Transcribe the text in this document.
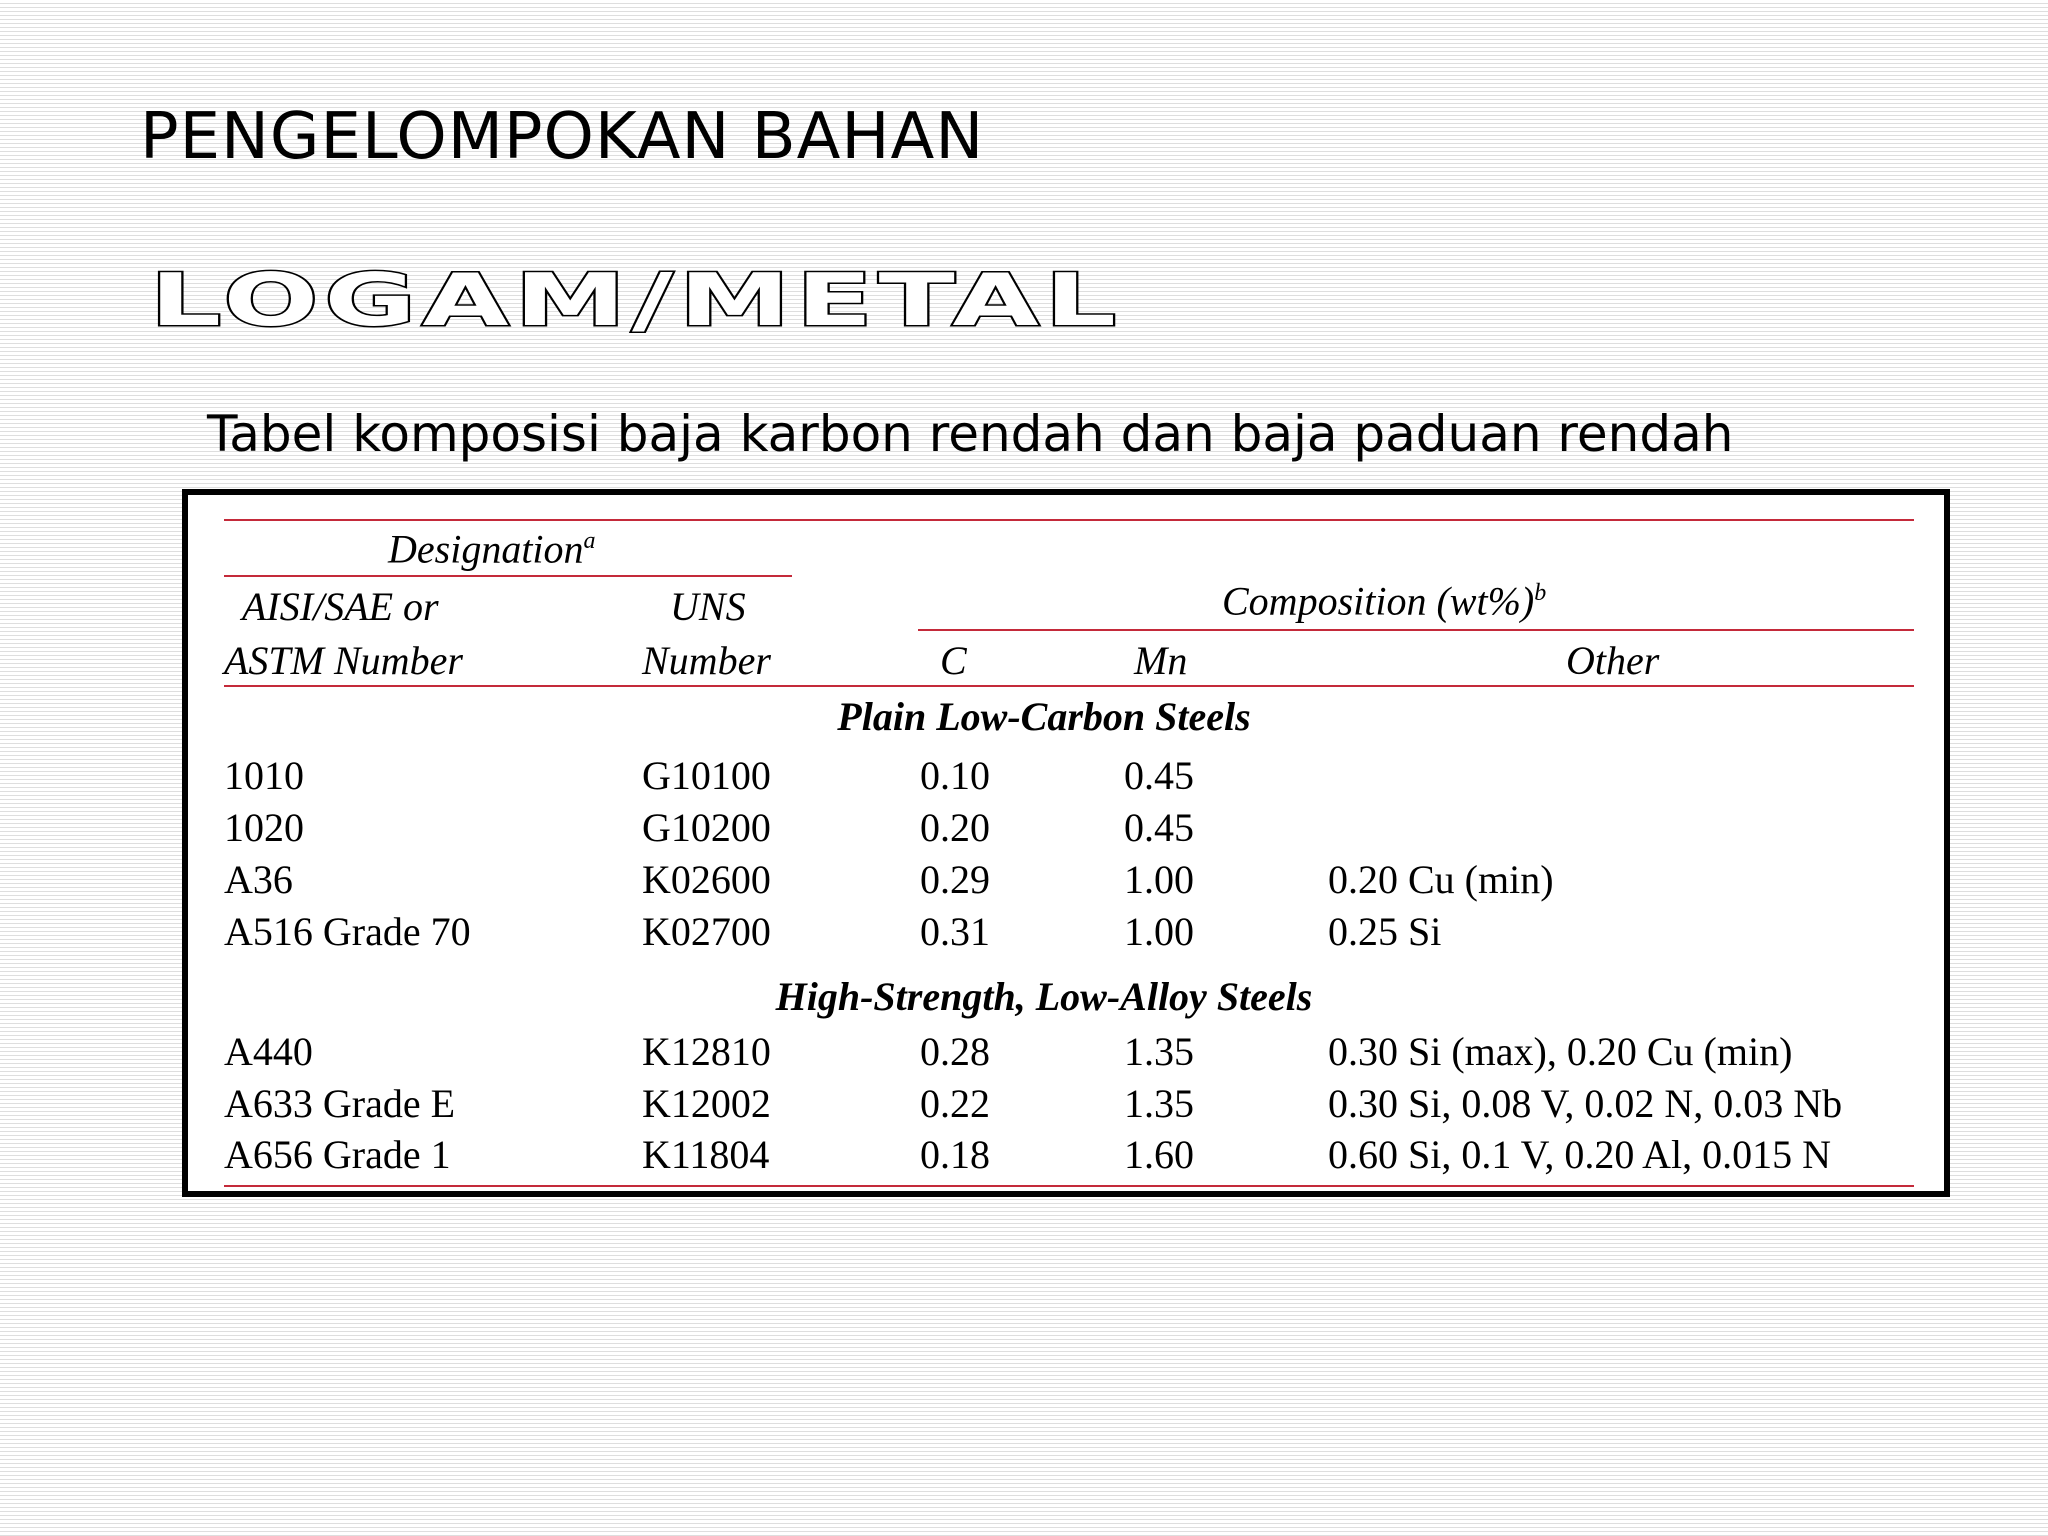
PENGELOMPOKAN BAHAN
LOGAM/METAL
Tabel komposisi baja karbon rendah dan baja paduan rendah
Designation$^a$
AISI/SAE or	UNS	Composition $(wt\%)^b$
ASTM Number	Number	C	Mn	Other
Plain Low-Carbon Steels
1010	G10100	0.10	0.45
1020	G10200	0.20	0.45
A36	K02600	0.29	1.00	0.20 Cu (min)
A516 Grade 70	K02700	0.31	1.00	0.25 Si
High-Strength, Low-Alloy Steels
A440	K12810	0.28	1.35	0.30 Si (max), 0.20 Cu (min)
A633 Grade E	K12002	0.22	1.35	0.30 Si, 0.08 V, 0.02 N, 0.03 Nb
A656 Grade 1	K11804	0.18	1.60	0.60 Si, 0.1 V, 0.20 Al, 0.015 N
